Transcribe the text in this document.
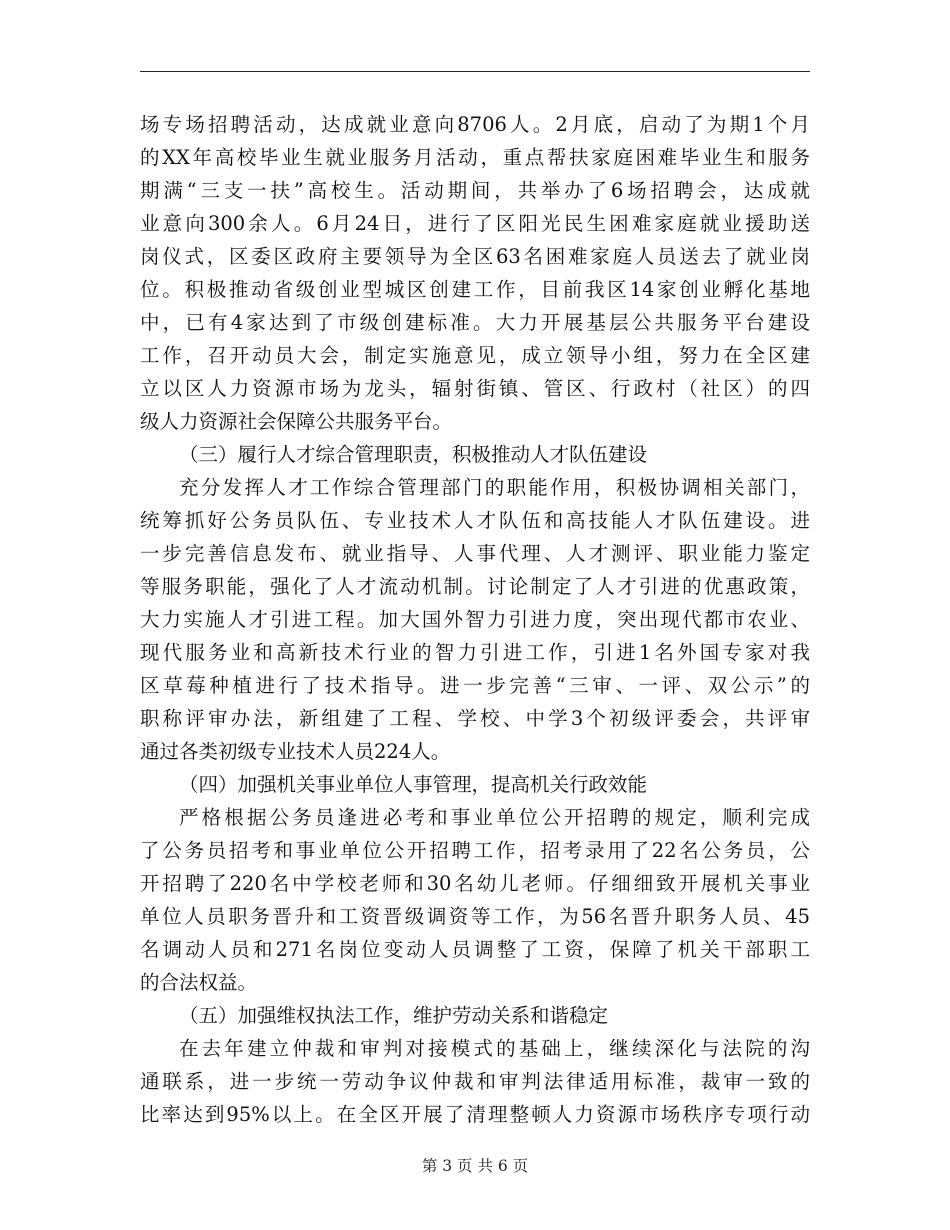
场专场招聘活动，达成就业意向8706人。2月底，启动了为期1个月
的XX年高校毕业生就业服务月活动，重点帮扶家庭困难毕业生和服务
期满“三支一扶”高校生。活动期间，共举办了6场招聘会，达成就
业意向300余人。6月24日，进行了区阳光民生困难家庭就业援助送
岗仪式，区委区政府主要领导为全区63名困难家庭人员送去了就业岗
位。积极推动省级创业型城区创建工作，目前我区14家创业孵化基地
中，已有4家达到了市级创建标准。大力开展基层公共服务平台建设
工作，召开动员大会，制定实施意见，成立领导小组，努力在全区建
立以区人力资源市场为龙头，辐射街镇、管区、行政村（社区）的四
级人力资源社会保障公共服务平台。
（三）履行人才综合管理职责，积极推动人才队伍建设
充分发挥人才工作综合管理部门的职能作用，积极协调相关部门，
统筹抓好公务员队伍、专业技术人才队伍和高技能人才队伍建设。进
一步完善信息发布、就业指导、人事代理、人才测评、职业能力鉴定
等服务职能，强化了人才流动机制。讨论制定了人才引进的优惠政策，
大力实施人才引进工程。加大国外智力引进力度，突出现代都市农业、
现代服务业和高新技术行业的智力引进工作，引进1名外国专家对我
区草莓种植进行了技术指导。进一步完善“三审、一评、双公示”的
职称评审办法，新组建了工程、学校、中学3个初级评委会，共评审
通过各类初级专业技术人员224人。
（四）加强机关事业单位人事管理，提高机关行政效能
严格根据公务员逢进必考和事业单位公开招聘的规定，顺利完成
了公务员招考和事业单位公开招聘工作，招考录用了22名公务员，公
开招聘了220名中学校老师和30名幼儿老师。仔细细致开展机关事业
单位人员职务晋升和工资晋级调资等工作，为56名晋升职务人员、45
名调动人员和271名岗位变动人员调整了工资，保障了机关干部职工
的合法权益。
（五）加强维权执法工作，维护劳动关系和谐稳定
在去年建立仲裁和审判对接模式的基础上，继续深化与法院的沟
通联系，进一步统一劳动争议仲裁和审判法律适用标准，裁审一致的
比率达到95%以上。在全区开展了清理整顿人力资源市场秩序专项行动
第 3 页 共 6 页
